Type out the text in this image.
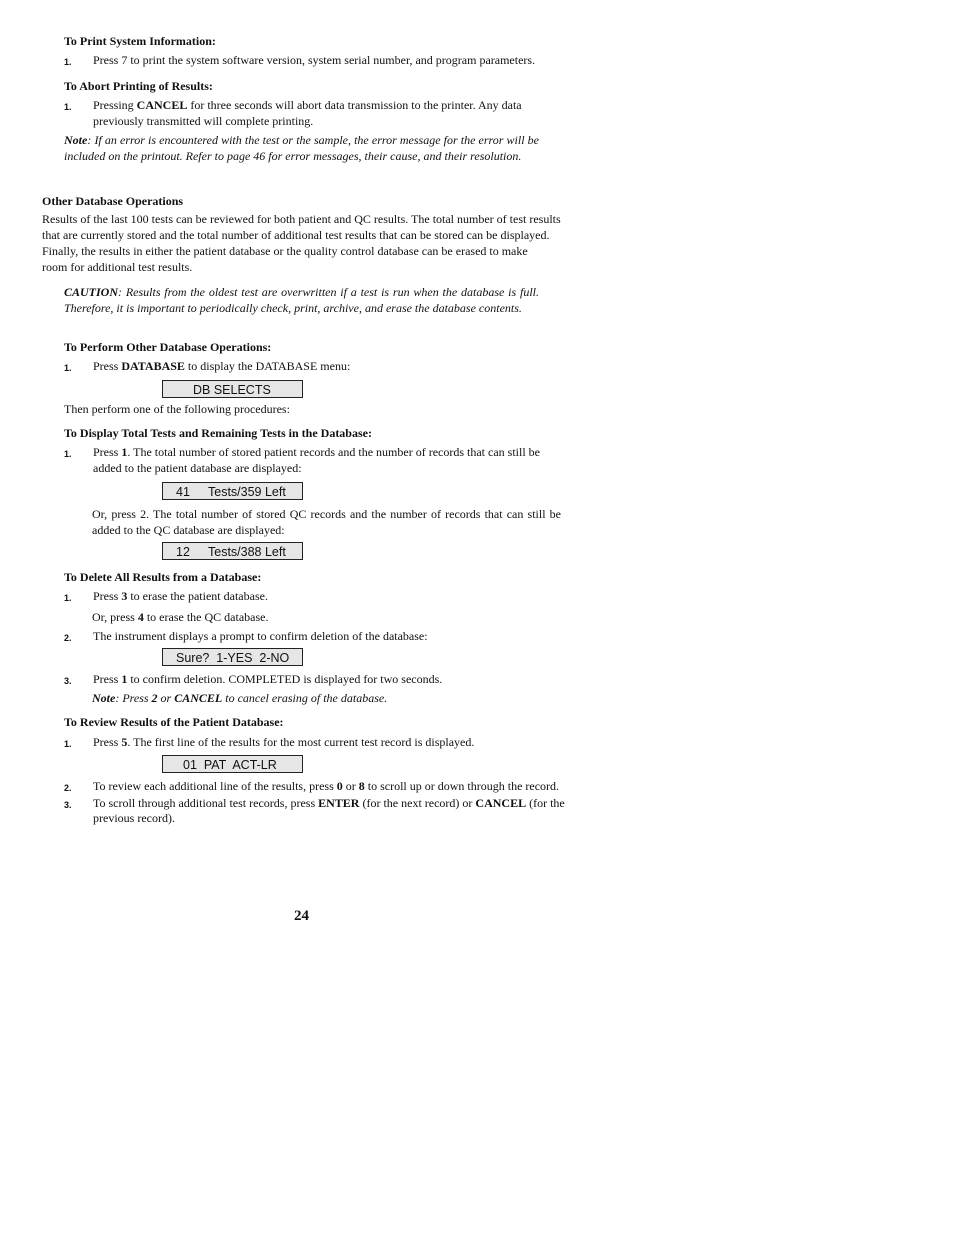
To Print System Information:
1. Press 7 to print the system software version, system serial number, and program parameters.
To Abort Printing of Results:
1. Pressing CANCEL for three seconds will abort data transmission to the printer. Any data
previously transmitted will complete printing.
Note: If an error is encountered with the test or the sample, the error message for the error will be included on the printout. Refer to page 46 for error messages, their cause, and their resolution.
Other Database Operations
Results of the last 100 tests can be reviewed for both patient and QC results. The total number of test results
that are currently stored and the total number of additional test results that can be stored can be displayed.
Finally, the results in either the patient database or the quality control database can be erased to make
room for additional test results.
CAUTION: Results from the oldest test are overwritten if a test is run when the database is full. Therefore, it is important to periodically check, print, archive, and erase the database contents.
To Perform Other Database Operations:
1. Press DATABASE to display the DATABASE menu:
DB SELECTS
Then perform one of the following procedures:
To Display Total Tests and Remaining Tests in the Database:
1. Press 1. The total number of stored patient records and the number of records that can still be
added to the patient database are displayed:
41 Tests/359 Left
Or, press 2. The total number of stored QC records and the number of records that can still be added to the QC database are displayed:
12 Tests/388 Left
To Delete All Results from a Database:
1. Press 3 to erase the patient database.
Or, press 4 to erase the QC database.
2. The instrument displays a prompt to confirm deletion of the database:
Sure?  1-YES  2-NO
3. Press 1 to confirm deletion. COMPLETED is displayed for two seconds.
Note: Press 2 or CANCEL to cancel erasing of the database.
To Review Results of the Patient Database:
1. Press 5. The first line of the results for the most current test record is displayed.
01  PAT  ACT-LR
2. To review each additional line of the results, press 0 or 8 to scroll up or down through the record.
3. To scroll through additional test records, press ENTER (for the next record) or CANCEL (for the
previous record).
24
